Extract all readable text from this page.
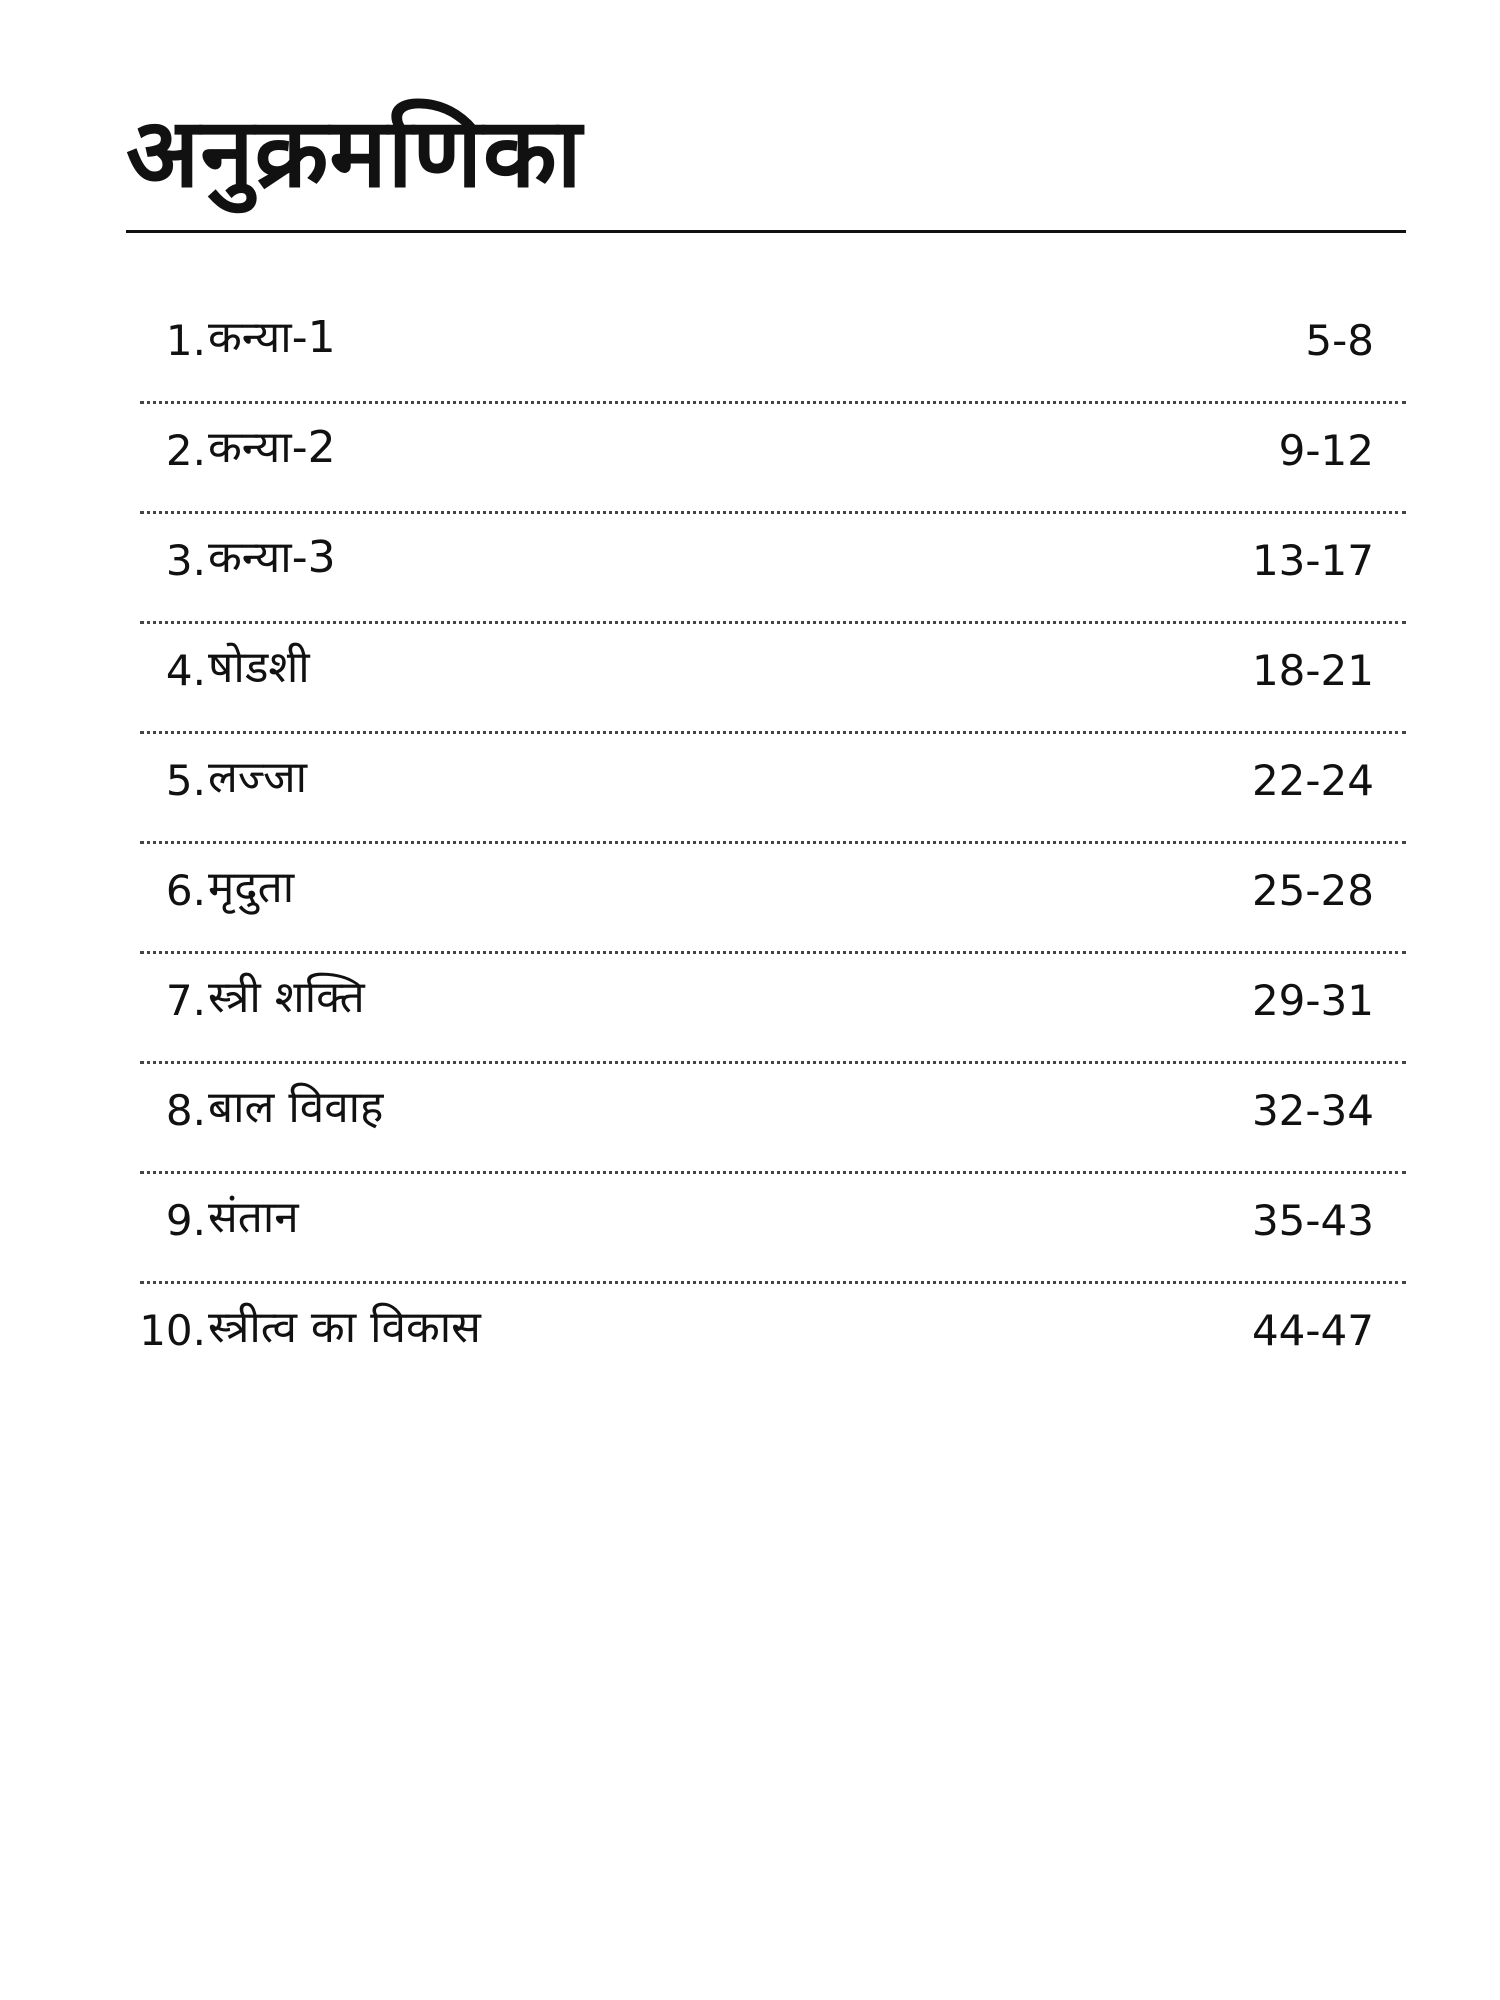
अनुक्रमणिका
1. कन्या-1	5-8
2. कन्या-2	9-12
3. कन्या-3	13-17
4. षोडशी	18-21
5. लज्जा	22-24
6. मृदुता	25-28
7. स्त्री शक्ति	29-31
8. बाल विवाह	32-34
9. संतान	35-43
10. स्त्रीत्व का विकास	44-47
